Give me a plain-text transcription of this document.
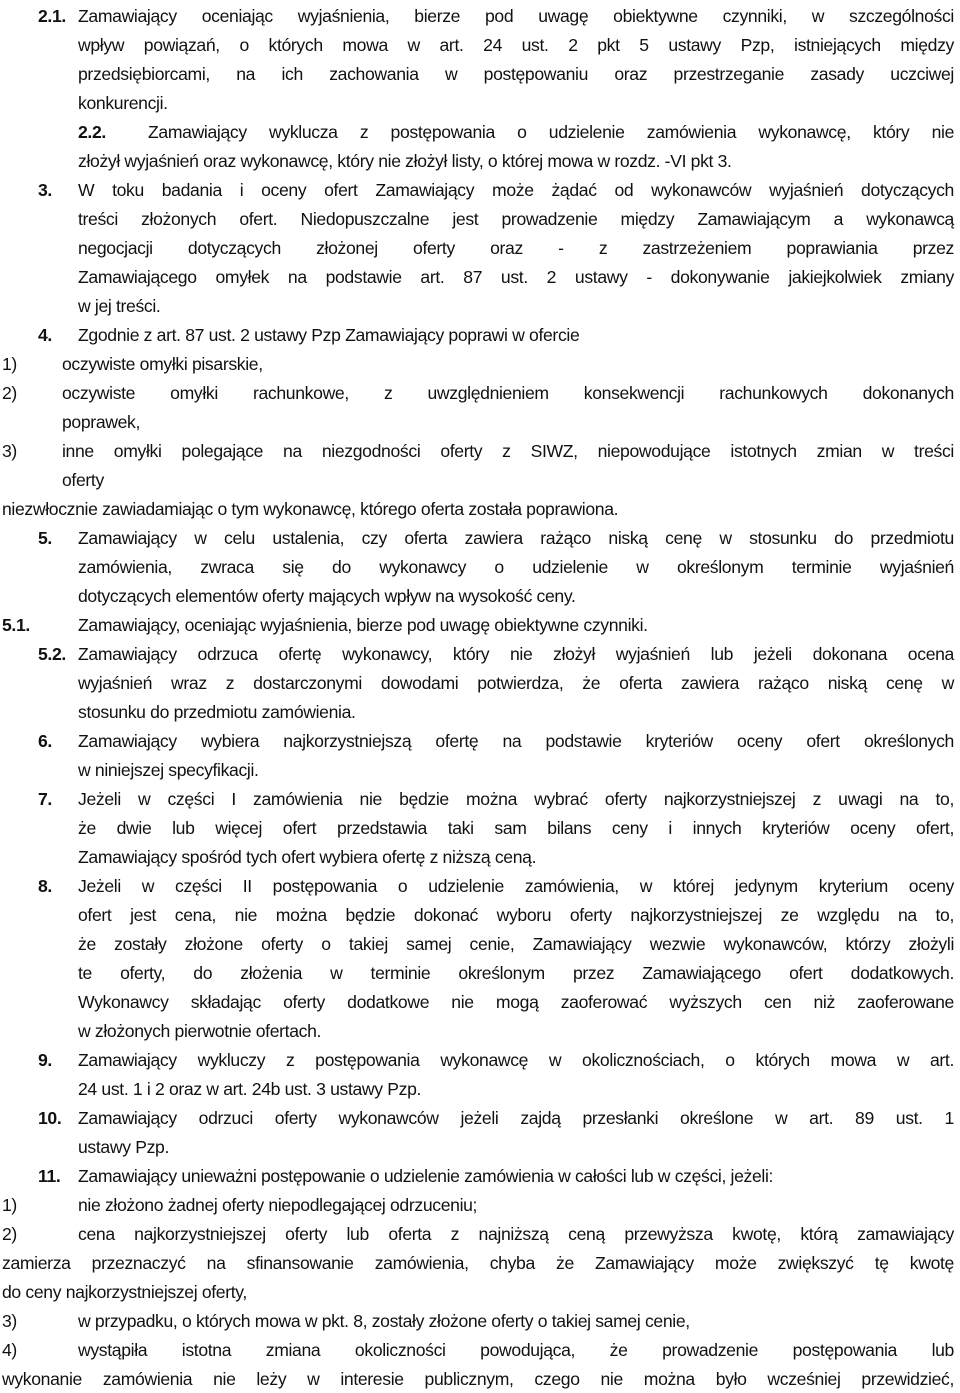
2.1. Zamawiający oceniając wyjaśnienia, bierze pod uwagę obiektywne czynniki, w szczególności
wpływ powiązań, o których mowa w art. 24 ust. 2 pkt 5 ustawy Pzp, istniejących między
przedsiębiorcami, na ich zachowania w postępowaniu oraz przestrzeganie zasady uczciwej
konkurencji.
2.2. Zamawiający wyklucza z postępowania o udzielenie zamówienia wykonawcę, który nie
złożył wyjaśnień oraz wykonawcę, który nie złożył listy, o której mowa w rozdz. -VI pkt 3.
3. W toku badania i oceny ofert Zamawiający może żądać od wykonawców wyjaśnień dotyczących
treści złożonych ofert. Niedopuszczalne jest prowadzenie między Zamawiającym a wykonawcą
negocjacji dotyczących złożonej oferty oraz - z zastrzeżeniem poprawiania przez
Zamawiającego omyłek na podstawie art. 87 ust. 2 ustawy - dokonywanie jakiejkolwiek zmiany
w jej treści.
4. Zgodnie z art. 87 ust. 2 ustawy Pzp Zamawiający poprawi w ofercie
1)	oczywiste omyłki pisarskie,
2)	oczywiste omyłki rachunkowe, z uwzględnieniem konsekwencji rachunkowych dokonanych
poprawek,
3)	inne omyłki polegające na niezgodności oferty z SIWZ, niepowodujące istotnych zmian w treści
oferty
niezwłocznie zawiadamiając o tym wykonawcę, którego oferta została poprawiona.
5. Zamawiający w celu ustalenia, czy oferta zawiera rażąco niską cenę w stosunku do przedmiotu
zamówienia, zwraca się do wykonawcy o udzielenie w określonym terminie wyjaśnień
dotyczących elementów oferty mających wpływ na wysokość ceny.
5.1.	Zamawiający, oceniając wyjaśnienia, bierze pod uwagę obiektywne czynniki.
5.2. Zamawiający odrzuca ofertę wykonawcy, który nie złożył wyjaśnień lub jeżeli dokonana ocena
wyjaśnień wraz z dostarczonymi dowodami potwierdza, że oferta zawiera rażąco niską cenę w
stosunku do przedmiotu zamówienia.
6. Zamawiający wybiera najkorzystniejszą ofertę na podstawie kryteriów oceny ofert określonych
w niniejszej specyfikacji.
7. Jeżeli w części I zamówienia nie będzie można wybrać oferty najkorzystniejszej z uwagi na to,
że dwie lub więcej ofert przedstawia taki sam bilans ceny i innych kryteriów oceny ofert,
Zamawiający spośród tych ofert wybiera ofertę z niższą ceną.
8. Jeżeli w części II postępowania o udzielenie zamówienia, w której jedynym kryterium oceny
ofert jest cena, nie można będzie dokonać wyboru oferty najkorzystniejszej ze względu na to,
że zostały złożone oferty o takiej samej cenie, Zamawiający wezwie wykonawców, którzy złożyli
te oferty, do złożenia w terminie określonym przez Zamawiającego ofert dodatkowych.
Wykonawcy składając oferty dodatkowe nie mogą zaoferować wyższych cen niż zaoferowane
w złożonych pierwotnie ofertach.
9. Zamawiający wykluczy z postępowania wykonawcę w okolicznościach, o których mowa w art.
24 ust. 1 i 2 oraz w art. 24b ust. 3 ustawy Pzp.
10. Zamawiający odrzuci oferty wykonawców jeżeli zajdą przesłanki określone w art. 89 ust. 1
ustawy Pzp.
11. Zamawiający unieważni postępowanie o udzielenie zamówienia w całości lub w części, jeżeli:
1)	nie złożono żadnej oferty niepodlegającej odrzuceniu;
2)	cena najkorzystniejszej oferty lub oferta z najniższą ceną przewyższa kwotę, którą zamawiający
zamierza przeznaczyć na sfinansowanie zamówienia, chyba że Zamawiający może zwiększyć tę kwotę
do ceny najkorzystniejszej oferty,
3)	w przypadku, o których mowa w pkt. 8, zostały złożone oferty o takiej samej cenie,
4)	wystąpiła istotna zmiana okoliczności powodująca, że prowadzenie postępowania lub
wykonanie zamówienia nie leży w interesie publicznym, czego nie można było wcześniej przewidzieć,
